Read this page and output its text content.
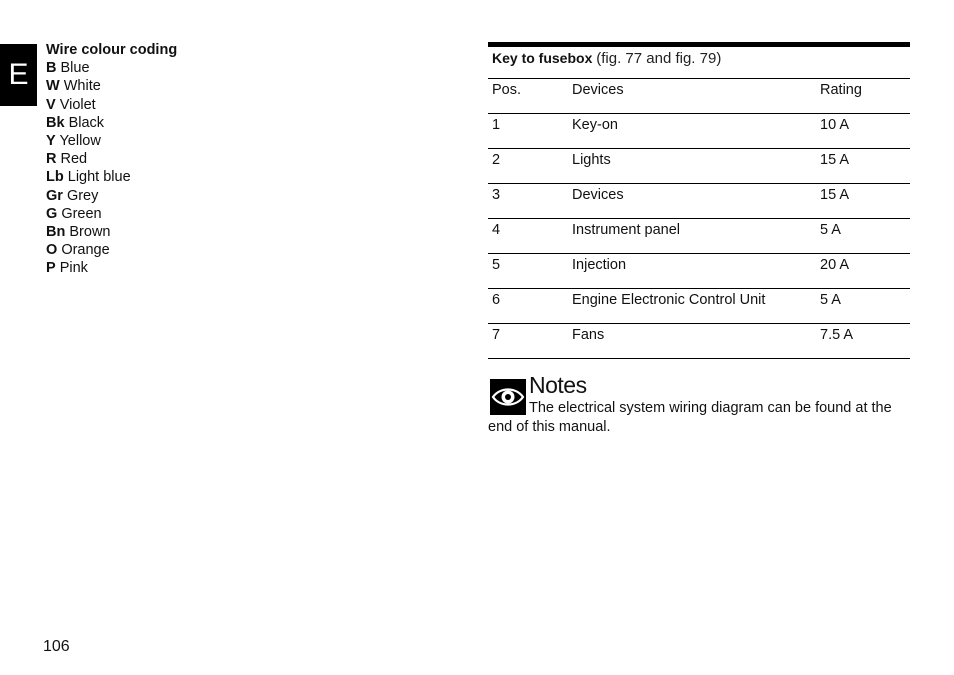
E
Wire colour coding
B Blue
W White
V Violet
Bk Black
Y Yellow
R Red
Lb Light blue
Gr Grey
G Green
Bn Brown
O Orange
P Pink
Key to fusebox (fig. 77 and fig. 79)
Pos.	Devices	Rating
1	Key-on	10 A
2	Lights	15 A
3	Devices	15 A
4	Instrument panel	5 A
5	Injection	20 A
6	Engine Electronic Control Unit	5 A
7	Fans	7.5 A
Notes
The electrical system wiring diagram can be found at the end of this manual.
106
